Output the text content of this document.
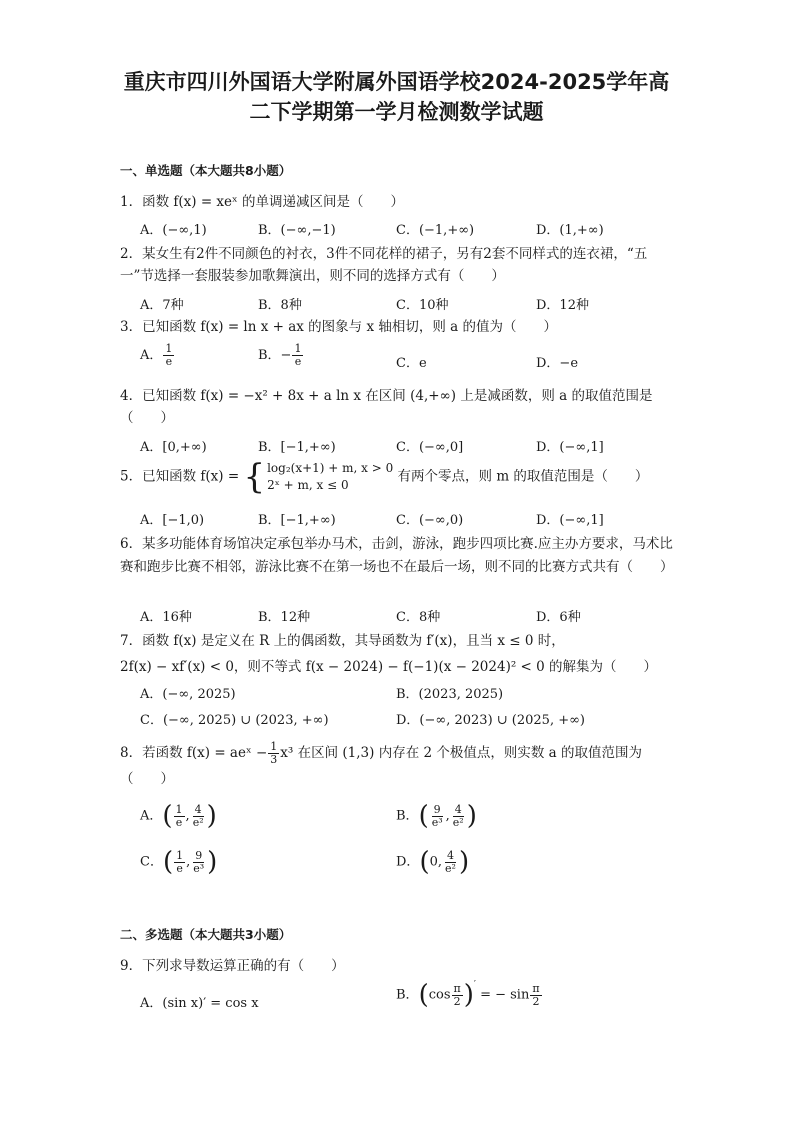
重庆市四川外国语大学附属外国语学校2024-2025学年高
二下学期第一学月检测数学试题
一、单选题（本大题共8小题）
1．函数 f(x) = xeˣ 的单调递减区间是（　　）
A．(−∞,1)	B．(−∞,−1)	C．(−1,+∞)	D．(1,+∞)
2．某女生有2件不同颜色的衬衣，3件不同花样的裙子，另有2套不同样式的连衣裙，“五一”节选择一套服装参加歌舞演出，则不同的选择方式有（　　）
A．7种	B．8种	C．10种	D．12种
3．已知函数 f(x) = ln x + ax 的图象与 x 轴相切，则 a 的值为（　　）
A． $\frac{1}{e}$	B．− $\frac{1}{e}$	C．e	D．−e
4．已知函数 f(x) = −x² + 8x + a ln x 在区间 (4,+∞) 上是减函数，则 a 的取值范围是（　　）
A．[0,+∞)	B．[−1,+∞)	C．(−∞,0]	D．(−∞,1]
5．已知函数 f(x) = { log₂(x+1) + m, x > 0
2ˣ + m, x ≤ 0
有两个零点，则 m 的取值范围是（　　）
A．[−1,0)	B．[−1,+∞)	C．(−∞,0)	D．(−∞,1]
6．某多功能体育场馆决定承包举办马术，击剑，游泳，跑步四项比赛.应主办方要求，马术比赛和跑步比赛不相邻，游泳比赛不在第一场也不在最后一场，则不同的比赛方式共有（　　）
A．16种	B．12种	C．8种	D．6种
7．函数 f(x) 是定义在 R 上的偶函数，其导函数为 f′(x)，且当 x ≤ 0 时，
2f(x) − xf′(x) < 0，则不等式 f(x − 2024) − f(−1)(x − 2024)² < 0 的解集为（　　）
A．(−∞, 2025)	B．(2023, 2025)
C．(−∞, 2025) ∪ (2023, +∞)	D．(−∞, 2023) ∪ (2025, +∞)
8．若函数 f(x) = aeˣ − $\frac{1}{3} x^3$ 在区间 (1,3) 内存在 2 个极值点，则实数 a 的取值范围为（　　）
A．( $\frac{1}{e}$ , $\frac{4}{\text{e²}}$ )	B．( $\frac{9}{\text{e³}}$ , $\frac{4}{\text{e²}}$ )
C．( $\frac{1}{e}$ , $\frac{9}{\text{e³}}$ )	D．(0, $\frac{4}{\text{e²}}$ )
二、多选题（本大题共3小题）
9．下列求导数运算正确的有（　　）
A．(sin x)′ = cos x
B．$(\cos \frac{\pi}{2} )'$ = − $\sin \frac{\pi}{2}$
